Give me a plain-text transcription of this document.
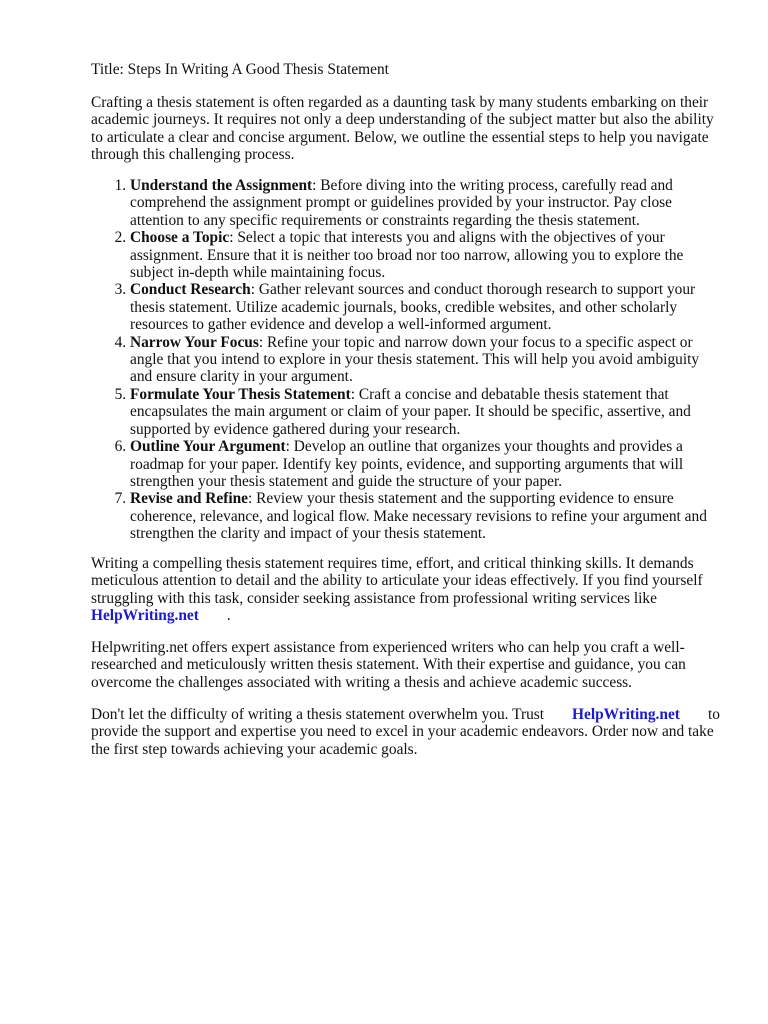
Title: Steps In Writing A Good Thesis Statement

Crafting a thesis statement is often regarded as a daunting task by many students embarking on their academic journeys. It requires not only a deep understanding of the subject matter but also the ability to articulate a clear and concise argument. Below, we outline the essential steps to help you navigate through this challenging process.

1. Understand the Assignment: Before diving into the writing process, carefully read and comprehend the assignment prompt or guidelines provided by your instructor. Pay close attention to any specific requirements or constraints regarding the thesis statement.
2. Choose a Topic: Select a topic that interests you and aligns with the objectives of your assignment. Ensure that it is neither too broad nor too narrow, allowing you to explore the subject in-depth while maintaining focus.
3. Conduct Research: Gather relevant sources and conduct thorough research to support your thesis statement. Utilize academic journals, books, credible websites, and other scholarly resources to gather evidence and develop a well-informed argument.
4. Narrow Your Focus: Refine your topic and narrow down your focus to a specific aspect or angle that you intend to explore in your thesis statement. This will help you avoid ambiguity and ensure clarity in your argument.
5. Formulate Your Thesis Statement: Craft a concise and debatable thesis statement that encapsulates the main argument or claim of your paper. It should be specific, assertive, and supported by evidence gathered during your research.
6. Outline Your Argument: Develop an outline that organizes your thoughts and provides a roadmap for your paper. Identify key points, evidence, and supporting arguments that will strengthen your thesis statement and guide the structure of your paper.
7. Revise and Refine: Review your thesis statement and the supporting evidence to ensure coherence, relevance, and logical flow. Make necessary revisions to refine your argument and strengthen the clarity and impact of your thesis statement.

Writing a compelling thesis statement requires time, effort, and critical thinking skills. It demands meticulous attention to detail and the ability to articulate your ideas effectively. If you find yourself struggling with this task, consider seeking assistance from professional writing services like
HelpWriting.net .

Helpwriting.net offers expert assistance from experienced writers who can help you craft a well-researched and meticulously written thesis statement. With their expertise and guidance, you can overcome the challenges associated with writing a thesis and achieve academic success.

Don't let the difficulty of writing a thesis statement overwhelm you. Trust HelpWriting.net to provide the support and expertise you need to excel in your academic endeavors. Order now and take the first step towards achieving your academic goals.
